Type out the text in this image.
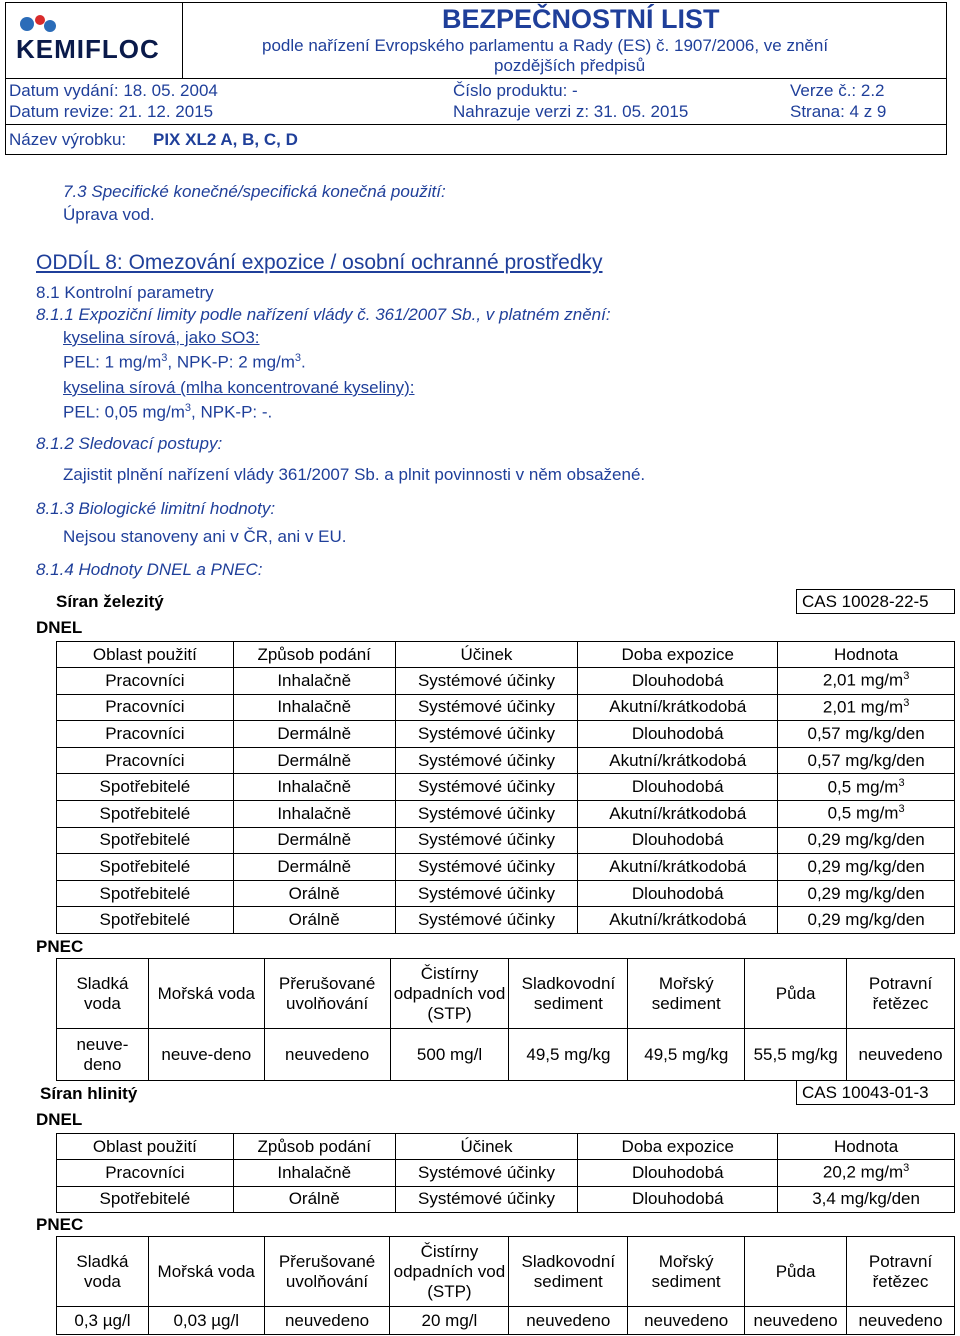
KEMIFLOC
BEZPEČNOSTNÍ LIST
podle nařízení Evropského parlamentu a Rady (ES) č. 1907/2006, ve znění
pozdějších předpisů
Datum vydání: 18. 05. 2004
Datum revize: 21. 12. 2015
Číslo produktu: -
Nahrazuje verzi z: 31. 05. 2015
Verze č.: 2.2
Strana: 4 z 9
Název výrobku: PIX XL2 A, B, C, D
7.3 Specifické konečné/specifická konečná použití:
Úprava vod.
ODDÍL 8: Omezování expozice / osobní ochranné prostředky
8.1 Kontrolní parametry
8.1.1 Expoziční limity podle nařízení vlády č. 361/2007 Sb., v platném znění:
kyselina sírová, jako SO3:
PEL: 1 $mg/m^3$, NPK-P: 2 $mg/m^3$.
kyselina sírová (mlha koncentrované kyseliny):
PEL: 0,05 $mg/m^3$, NPK-P: -.
8.1.2 Sledovací postupy:
Zajistit plnění nařízení vlády 361/2007 Sb. a plnit povinnosti v něm obsažené.
8.1.3 Biologické limitní hodnoty:
Nejsou stanoveny ani v ČR, ani v EU.
8.1.4 Hodnoty DNEL a PNEC:
Síran železitý	CAS 10028-22-5
DNEL
Oblast použití	Způsob podání	Účinek	Doba expozice	Hodnota
Pracovníci	Inhalačně	Systémové účinky	Dlouhodobá	2,01 $mg/m^3$
Pracovníci	Inhalačně	Systémové účinky	Akutní/krátkodobá	2,01 $mg/m^3$
Pracovníci	Dermálně	Systémové účinky	Dlouhodobá	0,57 mg/kg/den
Pracovníci	Dermálně	Systémové účinky	Akutní/krátkodobá	0,57 mg/kg/den
Spotřebitelé	Inhalačně	Systémové účinky	Dlouhodobá	0,5 $mg/m^3$
Spotřebitelé	Inhalačně	Systémové účinky	Akutní/krátkodobá	0,5 $mg/m^3$
Spotřebitelé	Dermálně	Systémové účinky	Dlouhodobá	0,29 mg/kg/den
Spotřebitelé	Dermálně	Systémové účinky	Akutní/krátkodobá	0,29 mg/kg/den
Spotřebitelé	Orálně	Systémové účinky	Dlouhodobá	0,29 mg/kg/den
Spotřebitelé	Orálně	Systémové účinky	Akutní/krátkodobá	0,29 mg/kg/den
PNEC
Sladká voda	Mořská voda	Přerušované uvolňování	Čistírny odpadních vod (STP)	Sladkovodní sediment	Mořský sediment	Půda	Potravní řetězec
neuve-deno	neuve-deno	neuvedeno	500 mg/l	49,5 mg/kg	49,5 mg/kg	55,5 mg/kg	neuvedeno
Síran hlinitý	CAS 10043-01-3
DNEL
Oblast použití	Způsob podání	Účinek	Doba expozice	Hodnota
Pracovníci	Inhalačně	Systémové účinky	Dlouhodobá	20,2 $mg/m^3$
Spotřebitelé	Orálně	Systémové účinky	Dlouhodobá	3,4 mg/kg/den
PNEC
Sladká voda	Mořská voda	Přerušované uvolňování	Čistírny odpadních vod (STP)	Sladkovodní sediment	Mořský sediment	Půda	Potravní řetězec
0,3 µg/l	0,03 µg/l	neuvedeno	20 mg/l	neuvedeno	neuvedeno	neuvedeno	neuvedeno
